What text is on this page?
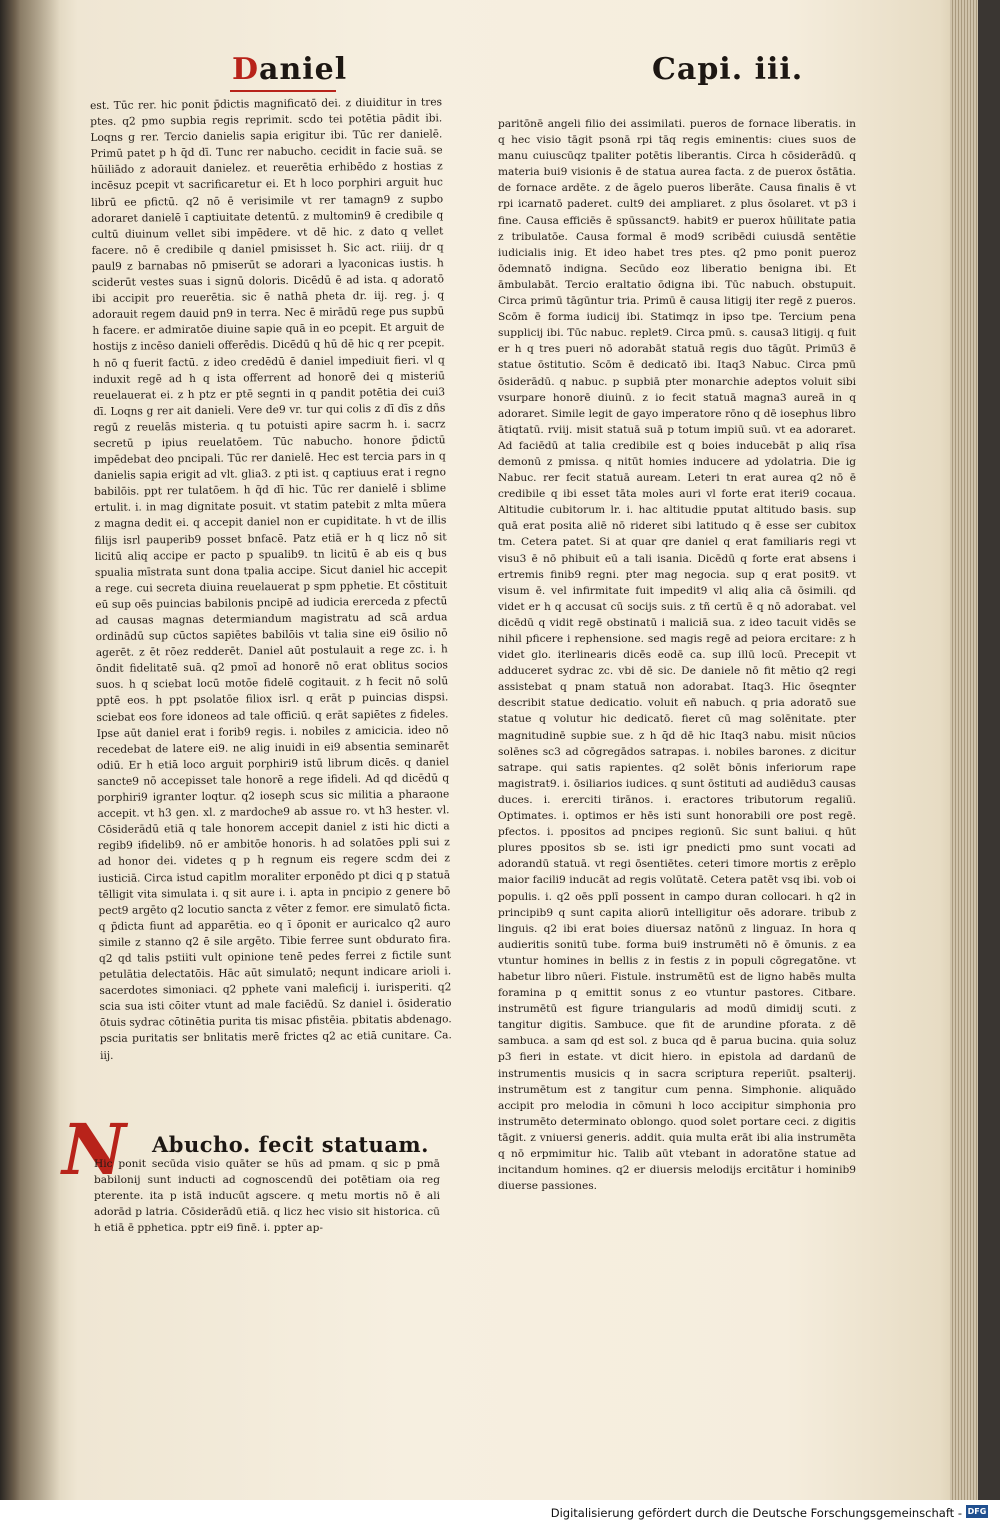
Daniel	Capi. iii.

est. Tūc rer. hic ponit p̄dictis magnificatō dei. z diuiditur in tres ptes. q2 pmo supbia regis reprimit. scdo tei potētia pādit ibi. Loqns g rer. Tercio danielis sapia erigitur ibi. Tūc rer danielē. Primū patet p h q̄d dī. Tunc rer nabucho. cecidit in facie suā. se hūiliādo z adorauit danielez. et reuerētia erhibēdo z hostias z incēsuz pcepit vt sacrificaretur ei. Et h loco porphiri arguit huc librū ee pfictū. q2 nō ē verisimile vt rer tamagn9 z supbo adoraret danielē ī captiuitate detentū. z multomin9 ē credibile q cultū diuinum vellet sibi impēdere. vt dē hic. z dato q vellet facere. nō ē credibile q daniel pmisisset h. Sic act. riiij. dr q paul9 z barnabas nō pmiserūt se adorari a lyaconicas iustis. h sciderūt vestes suas i signū doloris. Dicēdū ē ad ista. q adoratō ibi accipit pro reuerētia. sic ē nathā pheta dr. iij. reg. j. q adorauit regem dauid pn9 in terra. Nec ē mirādū rege pus supbū h facere. er admiratōe diuine sapie quā in eo pcepit. Et arguit de hostijs z incēso danieli offerēdis. Dicēdū q hū dē hic q rer pcepit. h nō q fuerit factū. z ideo credēdū ē daniel impediuit fieri. vl q induxit regē ad h q ista offerrent ad honorē dei q misteriū reuelauerat ei. z h ptz er ptē segnti in q pandit potētia dei cui3 dī. Loqns g rer ait danieli. Vere de9 vr. tur qui colis z dī dīs z dñs regū z reuelās misteria. q tu potuisti apire sacrm h. i. sacrz secretū p ipius reuelatōem. Tūc nabucho. honore p̄dictū impēdebat deo pncipali. Tūc rer danielē. Hec est tercia pars in q danielis sapia erigit ad vlt. glia3. z pti ist. q captiuus erat i regno babilōis. ppt rer tulatōem. h q̄d dī hic. Tūc rer danielē i sblime ertulit. i. in mag dignitate posuit. vt statim patebit z mlta mūera z magna dedit ei. q accepit daniel non er cupiditate. h vt de illis filijs isrl pauperib9 posset bnfacē. Patz etiā er h q licz nō sit licitū aliq accipe er pacto p spualib9. tn licitū ē ab eis q bus spualia mīstrata sunt dona tpalia accipe. Sicut daniel hic accepit a rege. cui secreta diuina reuelauerat p spm pphetie. Et cōstituit eū sup oēs puincias babilonis pncipē ad iudicia ererceda z pfectū ad causas magnas determiandum magistratu ad scā ardua ordinādū sup cūctos sapiētes babilōis vt talia sine ei9 ōsilio nō agerēt. z ēt rōez redderēt. Daniel aūt postulauit a rege zc. i. h ōndit fidelitatē suā. q2 pmoī ad honorē nō erat oblitus socios suos. h q sciebat locū motōe fidelē cogitauit. z h fecit nō solū pptē eos. h ppt psolatōe filiox isrl. q erāt p puincias dispsi. sciebat eos fore idoneos ad tale officiū. q erāt sapiētes z fideles. Ipse aūt daniel erat i forib9 regis. i. nobiles z amicicia. ideo nō recedebat de latere ei9. ne alig inuidi in ei9 absentia seminarēt odiū. Er h etiā loco arguit porphiri9 istū librum dicēs. q daniel sancte9 nō accepisset tale honorē a rege ifideli. Ad qd dicēdū q porphiri9 igranter loqtur. q2 ioseph scus sic militia a pharaone accepit. vt h3 gen. xl. z mardoche9 ab assue ro. vt h3 hester. vl. Cōsiderādū etiā q tale honorem accepit daniel z isti hic dicti a regib9 ifidelib9. nō er ambitōe honoris. h ad solatōes ppli sui z ad honor dei. videtes q p h regnum eis regere scdm dei z iusticiā. Circa istud capitlm moraliter erponēdo pt dici q p statuā tēlligit vita simulata i. q sit aure i. i. apta in pncipio z genere bō pect9 argēto q2 locutio sancta z vēter z femor. ere simulatō ficta. q p̄dicta fiunt ad apparētia. eo q ī ōponit er auricalco q2 auro simile z stanno q2 ē sile argēto. Tibie ferree sunt obdurato fira. q2 qd talis pstiiti vult opinione tenē pedes ferrei z fictile sunt petulātia delectatōis. Hāc aūt simulatō; nequnt indicare arioli i. sacerdotes simoniaci. q2 pphete vani maleficij i. iurisperiti. q2 scia sua isti cōiter vtunt ad male faciēdū. Sz daniel i. ōsideratio ōtuis sydrac cōtinētia purita tis misac pfistēia. pbitatis abdenago. pscia puritatis ser bnlitatis merē frictes q2 ac etiā cunitare. Ca. iij.

N Abucho. fecit statuam.

Hic ponit secūda visio quāter se hūs ad pmam. q sic p pmā babilonij sunt inducti ad cognoscendū dei potētiam oia reg pterente. ita p istā inducūt agscere. q metu mortis nō ē ali adorād p latria. Cōsiderādū etiā. q licz hec visio sit historica. cū h etiā ē pphetica. pptr ei9 finē. i. ppter ap-

paritōnē angeli filio dei assimilati. pueros de fornace liberatis. in q hec visio tāgit psonā rpi tāq regis eminentis: ciues suos de manu cuiuscūqz tpaliter potētis liberantis. Circa h cōsiderādū. q materia bui9 visionis ē de statua aurea facta. z de puerox ōstātia. de fornace ardēte. z de āgelo pueros liberāte. Causa finalis ē vt rpi icarnatō paderet. cult9 dei ampliaret. z plus ōsolaret. vt p3 i fine. Causa efficiēs ē spūssanct9. habit9 er puerox hūilitate patia z tribulatōe. Causa formal ē mod9 scribēdi cuiusdā sentētie iudicialis inig. Et ideo habet tres ptes. q2 pmo ponit pueroz ōdemnatō indigna. Secūdo eoz liberatio benigna ibi. Et āmbulabāt. Tercio eraltatio ōdigna ibi. Tūc nabuch. obstupuit. Circa primū tāgūntur tria. Primū ē causa litigij iter regē z pueros. Scōm ē forma iudicij ibi. Statimqz in ipso tpe. Tercium pena supplicij ibi. Tūc nabuc. replet9. Circa pmū. s. causa3 litigij. q fuit er h q tres pueri nō adorabāt statuā regis duo tāgūt. Primū3 ē statue ōstitutio. Scōm ē dedicatō ibi. Itaq3 Nabuc. Circa pmū ōsiderādū. q nabuc. p supbiā pter monarchie adeptos voluit sibi vsurpare honorē diuinū. z io fecit statuā magna3 aureā in q adoraret. Simile legit de gayo imperatore rōno q dē iosephus libro ātiqtatū. rviij. misit statuā suā p totum impiū suū. vt ea adoraret. Ad faciēdū at talia credibile est q boies inducebāt p aliq rīsa demonū z pmissa. q nitūt homies inducere ad ydolatria. Die ig Nabuc. rer fecit statuā auream. Leteri tn erat aurea q2 nō ē credibile q ibi esset tāta moles auri vl forte erat iteri9 cocaua. Altitudie cubitorum lr. i. hac altitudie pputat altitudo basis. sup quā erat posita aliē nō rideret sibi latitudo q ē esse ser cubitox tm. Cetera patet. Si at quar qre daniel q erat familiaris regi vt visu3 ē nō phibuit eū a tali isania. Dicēdū q forte erat absens i ertremis finib9 regni. pter mag negocia. sup q erat posit9. vt visum ē. vel infirmitate fuit impedit9 vl aliq alia cā ōsimili. qd videt er h q accusat cū socijs suis. z tñ certū ē q nō adorabat. vel dicēdū q vidit regē obstinatū i maliciā sua. z ideo tacuit vidēs se nihil pficere i rephensione. sed magis regē ad peiora ercitare: z h videt glo. iterlinearis dicēs eodē ca. sup illū locū. Precepit vt adduceret sydrac zc. vbi dē sic. De daniele nō fit mētio q2 regi assistebat q pnam statuā non adorabat. Itaq3. Hic ōseqnter describit statue dedicatio. voluit eñ nabuch. q pria adoratō sue statue q volutur hic dedicatō. fieret cū mag solēnitate. pter magnitudinē supbie sue. z h q̄d dē hic Itaq3 nabu. misit nūcios solēnes sc3 ad cōgregādos satrapas. i. nobiles barones. z dicitur satrape. qui satis rapientes. q2 solēt bōnis inferiorum rape magistrat9. i. ōsiliarios iudices. q sunt ōstituti ad audiēdu3 causas duces. i. ererciti tirānos. i. eractores tributorum regaliū. Optimates. i. optimos er hēs isti sunt honorabili ore post regē. pfectos. i. ppositos ad pncipes regionū. Sic sunt baliui. q hūt plures ppositos sb se. isti igr pnedicti pmo sunt vocati ad adorandū statuā. vt regi ōsentiētes. ceteri timore mortis z erēplo maior facili9 inducāt ad regis volūtatē. Cetera patēt vsq ibi. vob oi populis. i. q2 oēs pplī possent in campo duran collocari. h q2 in principib9 q sunt capita aliorū intelligitur oēs adorare. tribub z linguis. q2 ibi erat boies diuersaz natōnū z linguaz. In hora q audieritis sonitū tube. forma bui9 instrumēti nō ē ōmunis. z ea vtuntur homines in bellis z in festis z in populi cōgregatōne. vt habetur libro nūeri. Fistule. instrumētū est de ligno habēs multa foramina p q emittit sonus z eo vtuntur pastores. Citbare. instrumētū est figure triangularis ad modū dimidij scuti. z tangitur digitis. Sambuce. que fit de arundine pforata. z dē sambuca. a sam qd est sol. z buca qd ē parua bucina. quia soluz p3 fieri in estate. vt dicit hiero. in epistola ad dardanū de instrumentis musicis q in sacra scriptura reperiūt. psalterij. instrumētum est z tangitur cum penna. Simphonie. aliquādo accipit pro melodia in cōmuni h loco accipitur simphonia pro instrumēto determinato oblongo. quod solet portare ceci. z digitis tāgit. z vniuersi generis. addit. quia multa erāt ibi alia instrumēta q nō erpmimitur hic. Talib aūt vtebant in adoratōne statue ad incitandum homines. q2 er diuersis melodijs ercitātur i hominib9 diuerse passiones.

Digitalisierung gefördert durch die Deutsche Forschungsgemeinschaft - DFG
